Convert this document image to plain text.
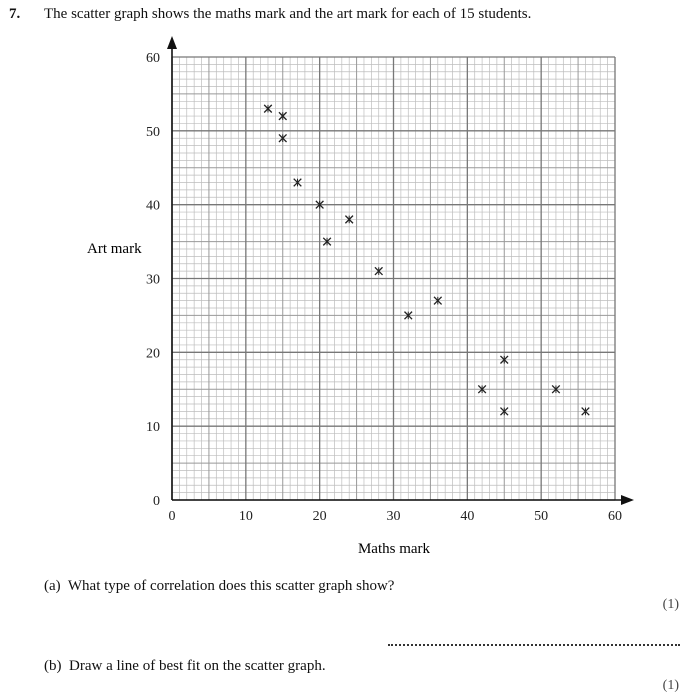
7. The scatter graph shows the maths mark and the art mark for each of 15 students.
0
10
20
30
40
50
60
0	10	20	30	40	50	60
Art mark
Maths mark
(a) What type of correlation does this scatter graph show?
(1)
(b) Draw a line of best fit on the scatter graph.
(1)
